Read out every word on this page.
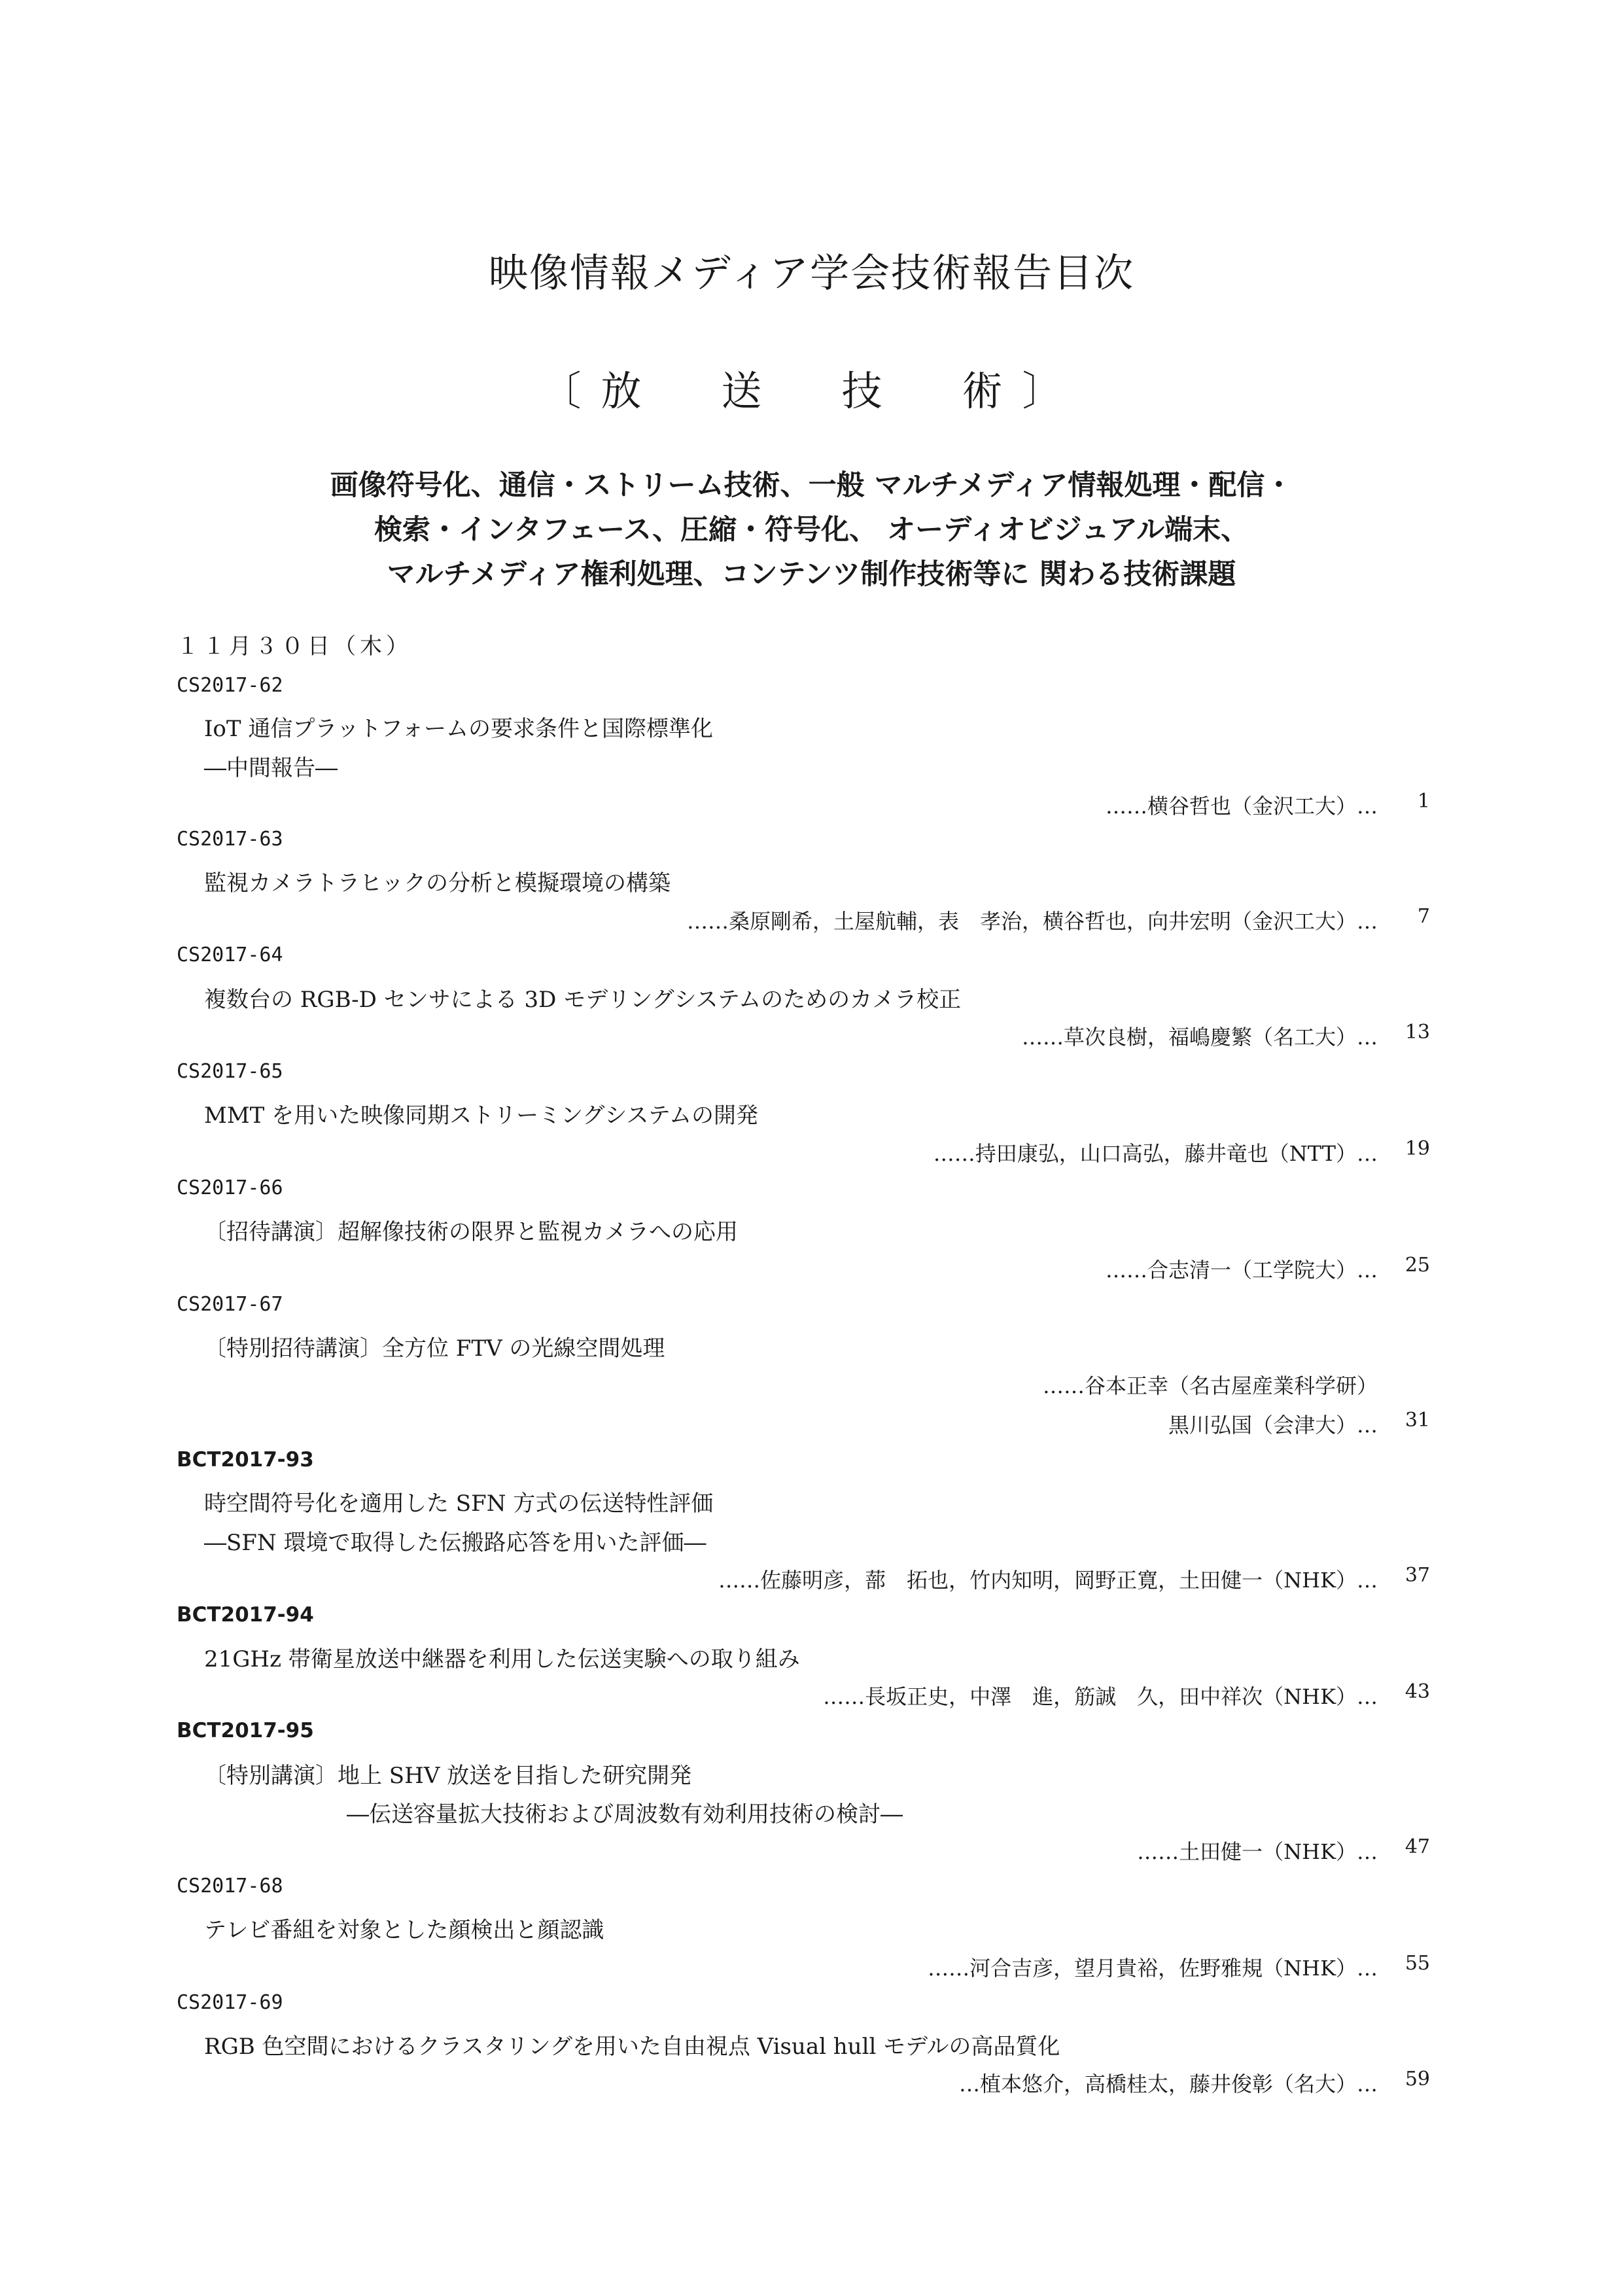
映像情報メディア学会技術報告目次
〔放　送　技　術〕
画像符号化、通信・ストリーム技術、一般 マルチメディア情報処理・配信・
検索・インタフェース、圧縮・符号化、 オーディオビジュアル端末、
マルチメディア権利処理、コンテンツ制作技術等に 関わる技術課題
１１月３０日（木）
CS2017-62
IoT 通信プラットフォームの要求条件と国際標準化
―中間報告―
……横谷哲也（金沢工大）… 1
CS2017-63
監視カメラトラヒックの分析と模擬環境の構築
……桑原剛希，土屋航輔，表　孝治，横谷哲也，向井宏明（金沢工大）… 7
CS2017-64
複数台の RGB-D センサによる 3D モデリングシステムのためのカメラ校正
……草次良樹，福嶋慶繁（名工大）… 13
CS2017-65
MMT を用いた映像同期ストリーミングシステムの開発
……持田康弘，山口高弘，藤井竜也（NTT）… 19
CS2017-66
〔招待講演〕超解像技術の限界と監視カメラへの応用
……合志清一（工学院大）… 25
CS2017-67
〔特別招待講演〕全方位 FTV の光線空間処理
……谷本正幸（名古屋産業科学研）
黒川弘国（会津大）… 31
BCT2017-93
時空間符号化を適用した SFN 方式の伝送特性評価
―SFN 環境で取得した伝搬路応答を用いた評価―
……佐藤明彦，蔀　拓也，竹内知明，岡野正寛，土田健一（NHK）… 37
BCT2017-94
21GHz 帯衛星放送中継器を利用した伝送実験への取り組み
……長坂正史，中澤　進，筋誠　久，田中祥次（NHK）… 43
BCT2017-95
〔特別講演〕地上 SHV 放送を目指した研究開発
―伝送容量拡大技術および周波数有効利用技術の検討―
……土田健一（NHK）… 47
CS2017-68
テレビ番組を対象とした顔検出と顔認識
……河合吉彦，望月貴裕，佐野雅規（NHK）… 55
CS2017-69
RGB 色空間におけるクラスタリングを用いた自由視点 Visual hull モデルの高品質化
…植本悠介，高橋桂太，藤井俊彰（名大）… 59
